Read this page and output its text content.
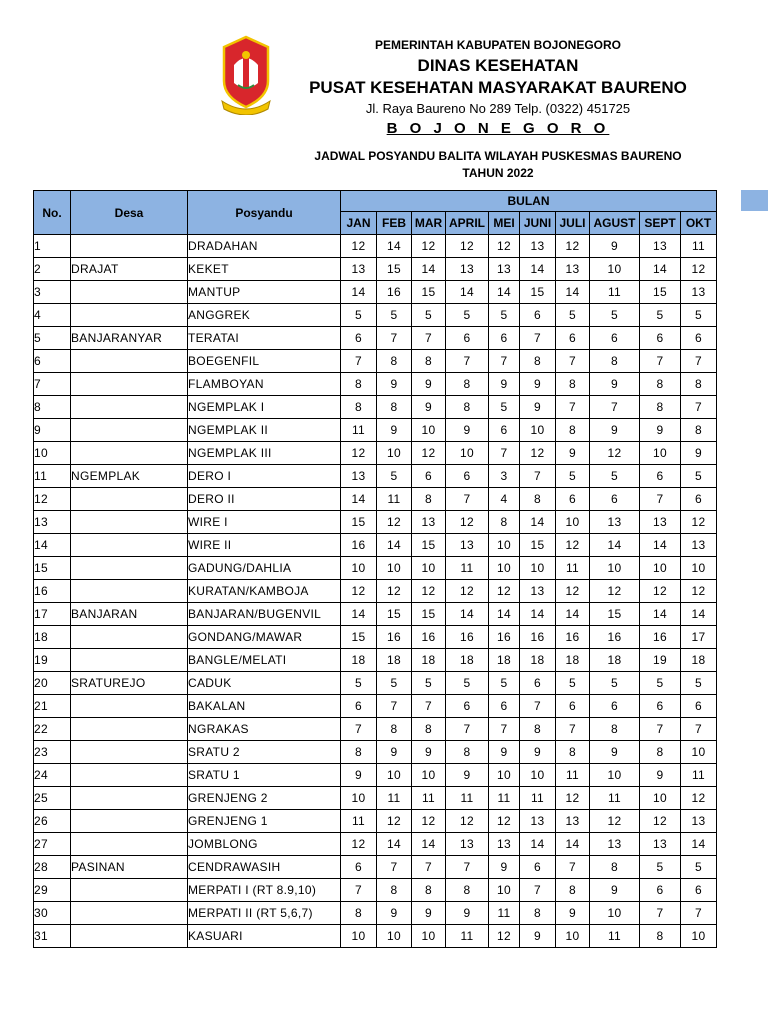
PEMERINTAH KABUPATEN BOJONEGORO
DINAS KESEHATAN
PUSAT KESEHATAN MASYARAKAT BAURENO
Jl. Raya Baureno No 289 Telp. (0322) 451725
B O J O N E G O R O
JADWAL POSYANDU BALITA WILAYAH PUSKESMAS BAURENO
TAHUN 2022
No.	Desa	Posyandu	BULAN									
			JAN	FEB	MAR	APRIL	MEI	JUNI	JULI	AGUST	SEPT	OKT
1		DRADAHAN	12	14	12	12	12	13	12	9	13	11
2	DRAJAT	KEKET	13	15	14	13	13	14	13	10	14	12
3		MANTUP	14	16	15	14	14	15	14	11	15	13
4		ANGGREK	5	5	5	5	5	6	5	5	5	5
5	BANJARANYAR	TERATAI	6	7	7	6	6	7	6	6	6	6
6		BOEGENFIL	7	8	8	7	7	8	7	8	7	7
7		FLAMBOYAN	8	9	9	8	9	9	8	9	8	8
8		NGEMPLAK I	8	8	9	8	5	9	7	7	8	7
9		NGEMPLAK II	11	9	10	9	6	10	8	9	9	8
10		NGEMPLAK III	12	10	12	10	7	12	9	12	10	9
11	NGEMPLAK	DERO I	13	5	6	6	3	7	5	5	6	5
12		DERO II	14	11	8	7	4	8	6	6	7	6
13		WIRE I	15	12	13	12	8	14	10	13	13	12
14		WIRE II	16	14	15	13	10	15	12	14	14	13
15		GADUNG/DAHLIA	10	10	10	11	10	10	11	10	10	10
16		KURATAN/KAMBOJA	12	12	12	12	12	13	12	12	12	12
17	BANJARAN	BANJARAN/BUGENVIL	14	15	15	14	14	14	14	15	14	14
18		GONDANG/MAWAR	15	16	16	16	16	16	16	16	16	17
19		BANGLE/MELATI	18	18	18	18	18	18	18	18	19	18
20	SRATUREJO	CADUK	5	5	5	5	5	6	5	5	5	5
21		BAKALAN	6	7	7	6	6	7	6	6	6	6
22		NGRAKAS	7	8	8	7	7	8	7	8	7	7
23		SRATU 2	8	9	9	8	9	9	8	9	8	10
24		SRATU 1	9	10	10	9	10	10	11	10	9	11
25		GRENJENG 2	10	11	11	11	11	11	12	11	10	12
26		GRENJENG 1	11	12	12	12	12	13	13	12	12	13
27		JOMBLONG	12	14	14	13	13	14	14	13	13	14
28	PASINAN	CENDRAWASIH	6	7	7	7	9	6	7	8	5	5
29		MERPATI I (RT 8.9,10)	7	8	8	8	10	7	8	9	6	6
30		MERPATI II (RT 5,6,7)	8	9	9	9	11	8	9	10	7	7
31		KASUARI	10	10	10	11	12	9	10	11	8	10
